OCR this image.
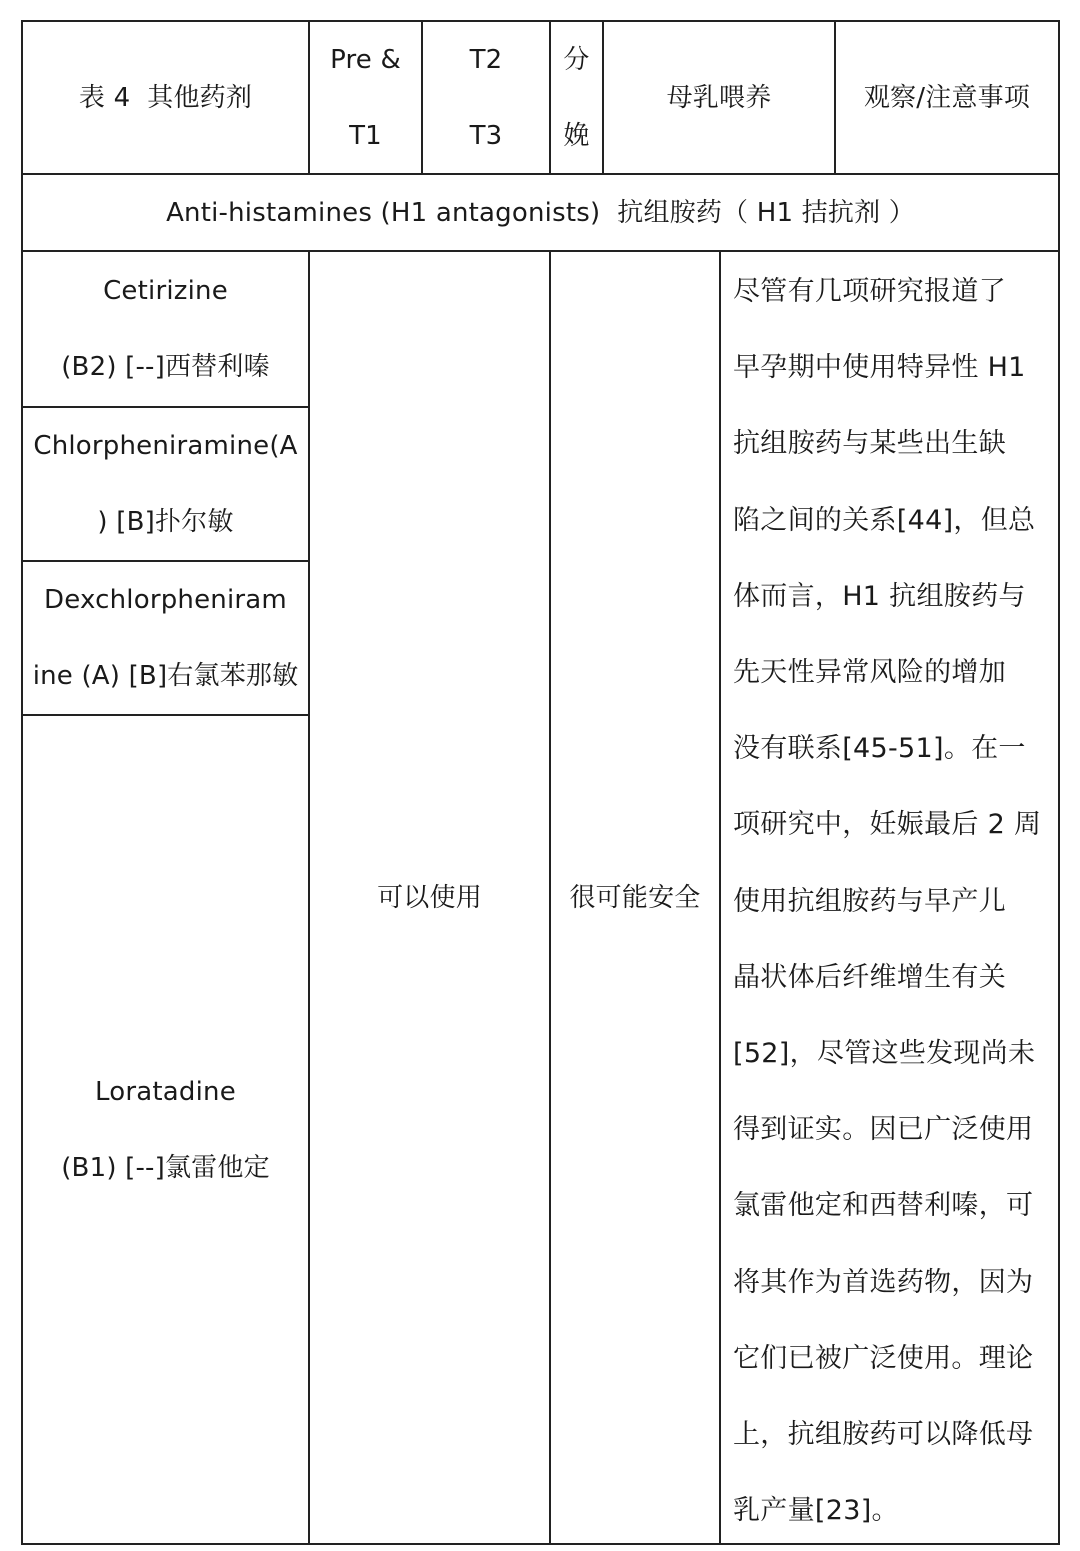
表 4  其他药剂
Pre &
T1
T2
T3
分
娩
母乳喂养	观察/注意事项
Anti-histamines (H1 antagonists)  抗组胺药（ H1 拮抗剂 ）
Cetirizine
(B2) [--]西替利嗪
Chlorpheniramine(A
) [B]扑尔敏
Dexchlorpheniram
ine (A) [B]右氯苯那敏
Loratadine
(B1) [--]氯雷他定
可以使用	很可能安全
尽管有几项研究报道了
早孕期中使用特异性 H1
抗组胺药与某些出生缺
陷之间的关系[44]，但总
体而言，H1 抗组胺药与
先天性异常风险的增加
没有联系[45-51]。在一
项研究中，妊娠最后 2 周
使用抗组胺药与早产儿
晶状体后纤维增生有关
[52]，尽管这些发现尚未
得到证实。因已广泛使用
氯雷他定和西替利嗪，可
将其作为首选药物，因为
它们已被广泛使用。理论
上，抗组胺药可以降低母
乳产量[23]。
